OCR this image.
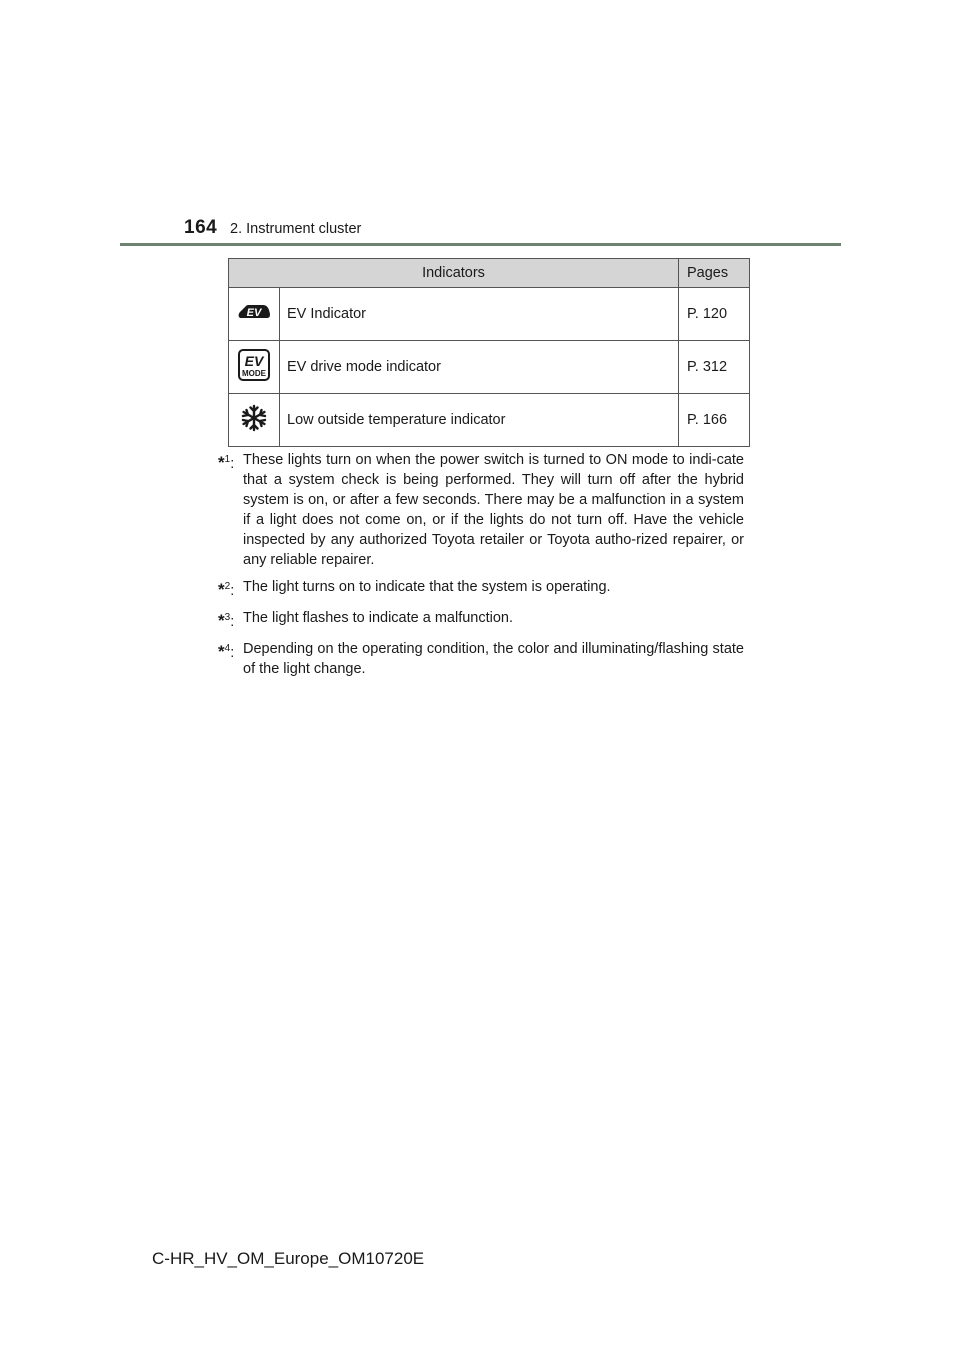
164 2. Instrument cluster
Indicators		Pages

EV	EV Indicator	P. 120

EV
MODE	EV drive mode indicator	P. 312
	Low outside temperature indicator	P. 166
*$^1$: These lights turn on when the power switch is turned to ON mode to indi-cate that a system check is being performed. They will turn off after the hybrid system is on, or after a few seconds. There may be a malfunction in a system if a light does not come on, or if the lights do not turn off. Have the vehicle inspected by any authorized Toyota retailer or Toyota autho-rized repairer, or any reliable repairer.
*$^2$: The light turns on to indicate that the system is operating.
*$^3$: The light flashes to indicate a malfunction.
*$^4$: Depending on the operating condition, the color and illuminating/flashing state of the light change.
C-HR_HV_OM_Europe_OM10720E
